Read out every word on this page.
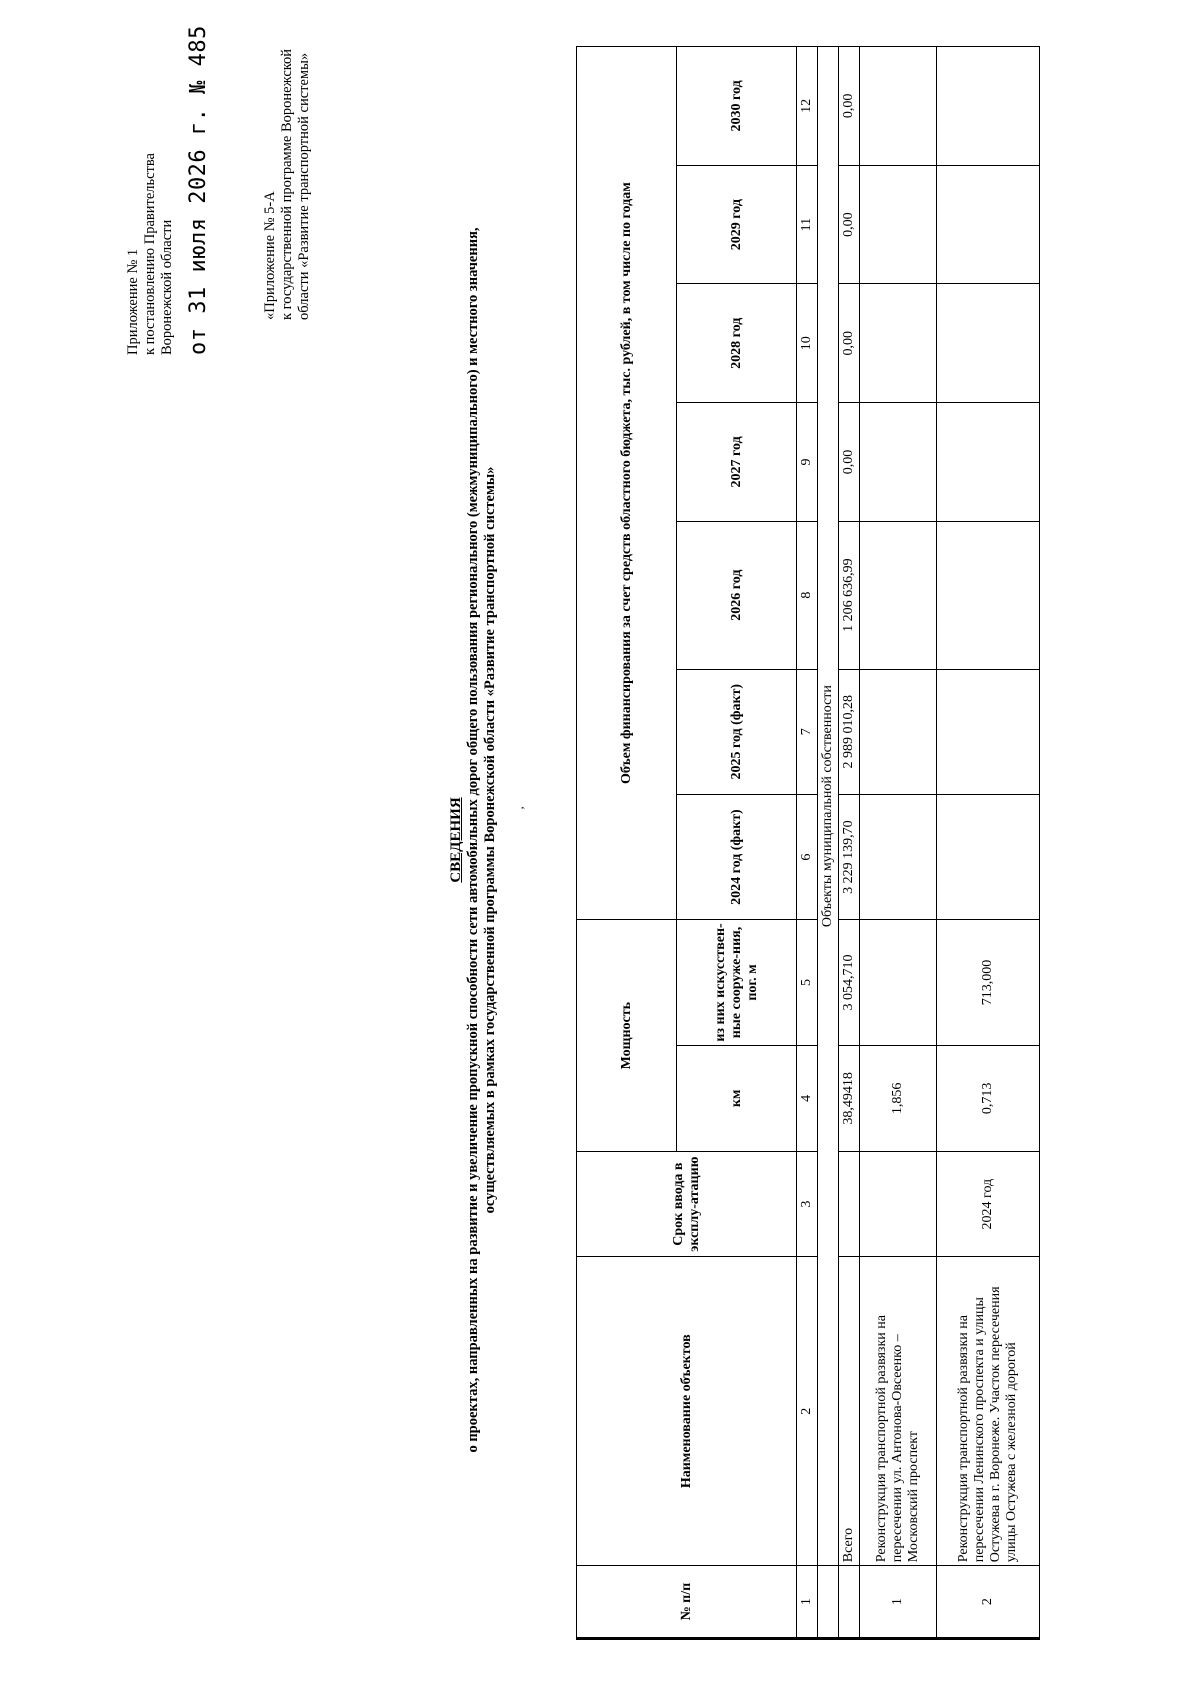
Приложение № 1 к постановлению Правительства Воронежской области от 31 июля 2026 г. № 485	«Приложение № 5-А к государственной программе Воронежской области «Развитие транспортной системы»
СВЕДЕНИЯ о проектах, направленных на развитие и увеличение пропускной способности сети автомобильных дорог общего пользования регионального (межмуниципального) и местного значения, осуществляемых в рамках государственной программы Воронежской области «Развитие транспортной системы» ’
№ п/п	Наименование объектов	Срок ввода в эксплу-атацию	Мощность		Объем финансирования за счет средств областного бюджета, тыс. рублей, в том числе по годам						
			км	из них искусствен-ные сооруже-ния, пог. м	2024 год (факт)	2025 год (факт)	2026 год	2027 год	2028 год	2029 год	2030 год
1	2	3	4	5	6	7	8	9	10	11	12
	Объекты муниципальной собственности										
	Всего		38,49418	3 054,710	3 229 139,70	2 989 010,28	1 206 636,99	0,00	0,00	0,00	0,00
1	Реконструкция транспортной развязки на пересечении ул. Антонова-Овсеенко – Московский проспект		1,856								
2	Реконструкция транспортной развязки на пересечении Ленинского проспекта и улицы Остужева в г. Воронеже. Участок пересечения улицы Остужева с железной дорогой	2024 год	0,713	713,000							
